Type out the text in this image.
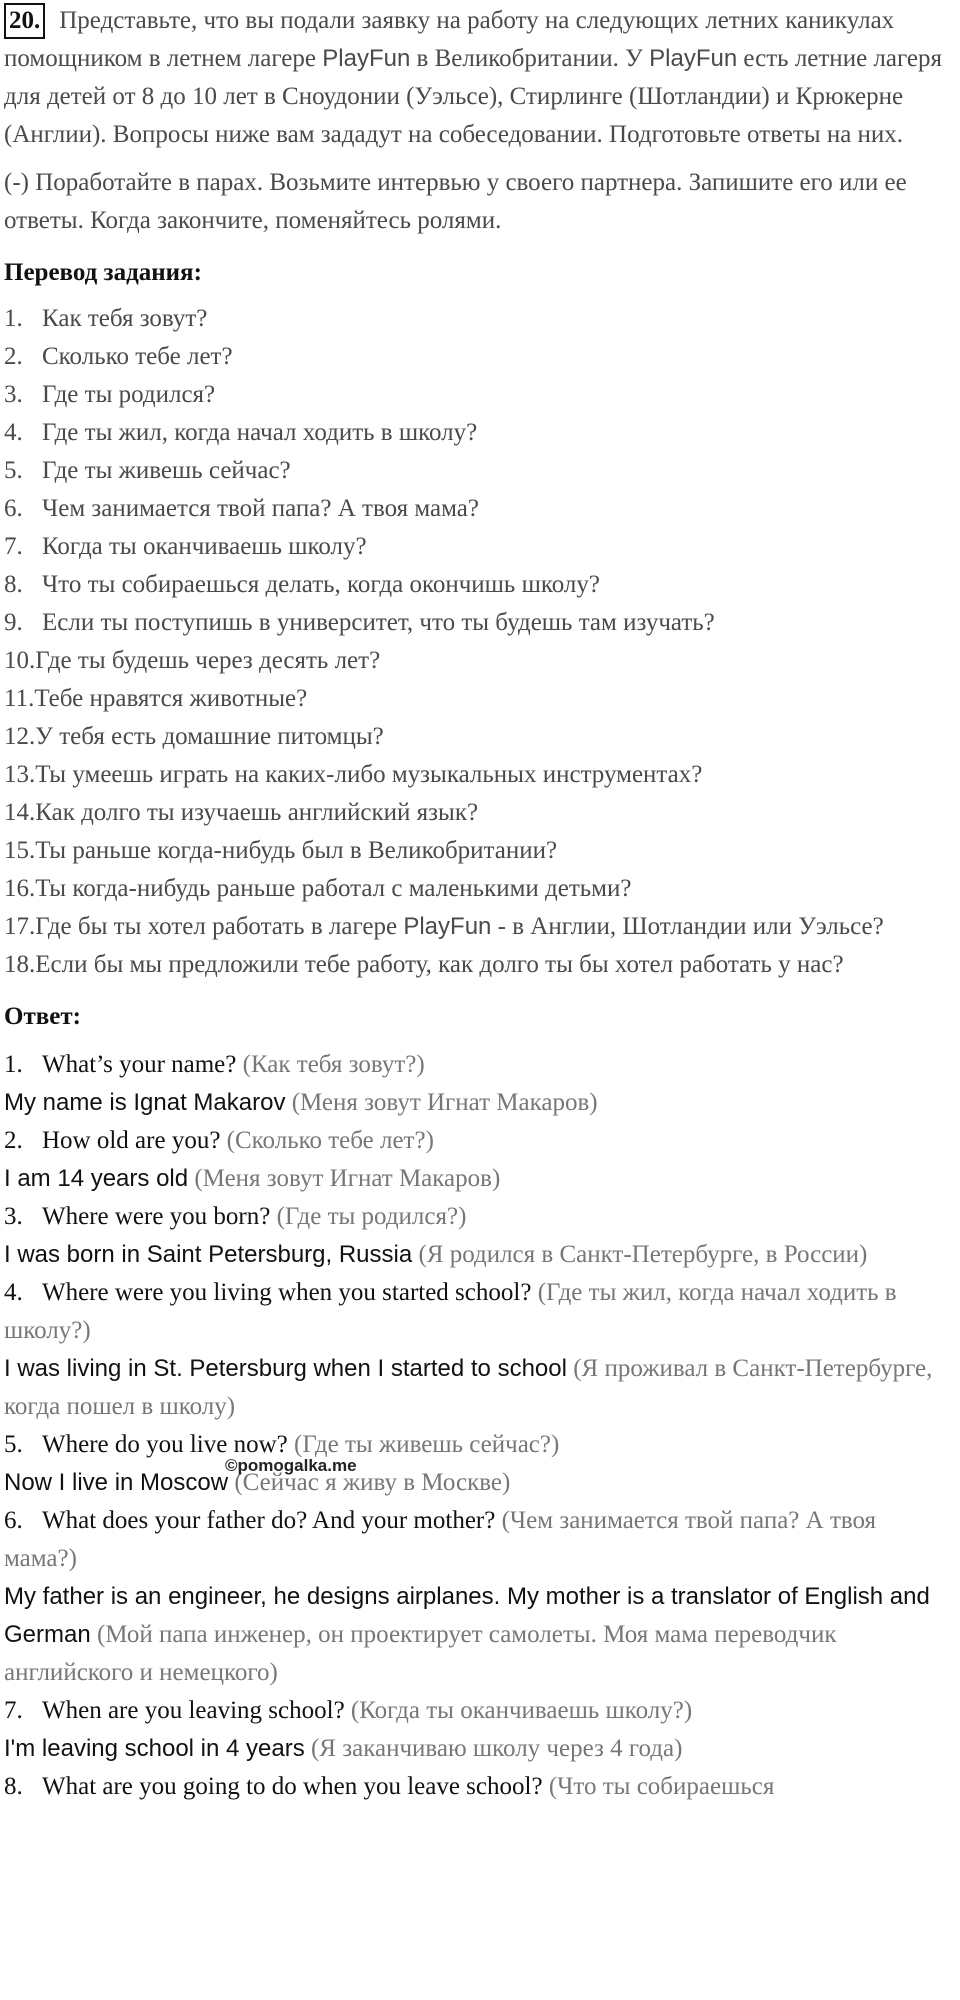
20. Представьте, что вы подали заявку на работу на следующих летних каникулах помощником в летнем лагере PlayFun в Великобритании. У PlayFun есть летние лагеря для детей от 8 до 10 лет в Сноудонии (Уэльсе), Стирлинге (Шотландии) и Крюкерне (Англии). Вопросы ниже вам зададут на собеседовании. Подготовьте ответы на них.

(-) Поработайте в парах. Возьмите интервью у своего партнера. Запишите его или ее ответы. Когда закончите, поменяйтесь ролями.

Перевод задания:
1. Как тебя зовут?
2. Сколько тебе лет?
3. Где ты родился?
4. Где ты жил, когда начал ходить в школу?
5. Где ты живешь сейчас?
6. Чем занимается твой папа? А твоя мама?
7. Когда ты оканчиваешь школу?
8. Что ты собираешься делать, когда окончишь школу?
9. Если ты поступишь в университет, что ты будешь там изучать?
10.Где ты будешь через десять лет?
11.Тебе нравятся животные?
12.У тебя есть домашние питомцы?
13.Ты умеешь играть на каких-либо музыкальных инструментах?
14.Как долго ты изучаешь английский язык?
15.Ты раньше когда-нибудь был в Великобритании?
16.Ты когда-нибудь раньше работал с маленькими детьми?
17.Где бы ты хотел работать в лагере PlayFun - в Англии, Шотландии или Уэльсе?
18.Если бы мы предложили тебе работу, как долго ты бы хотел работать у нас?
Ответ:

1. What’s your name? (Как тебя зовут?)

My name is Ignat Makarov (Меня зовут Игнат Макаров)

2. How old are you? (Сколько тебе лет?)

I am 14 years old (Меня зовут Игнат Макаров)

3. Where were you born? (Где ты родился?)

I was born in Saint Petersburg, Russia (Я родился в Санкт-Петербурге, в России)

4. Where were you living when you started school? (Где ты жил, когда начал ходить в школу?)

I was living in St. Petersburg when I started to school (Я проживал в Санкт-Петербурге, когда пошел в школу)

5. Where do you live now? (Где ты живешь сейчас?)

Now I live in Moscow (Сейчас я живу в Москве)

6. What does your father do? And your mother? (Чем занимается твой папа? А твоя мама?)

My father is an engineer, he designs airplanes. My mother is a translator of English and German (Мой папа инженер, он проектирует самолеты. Моя мама переводчик английского и немецкого)

7. When are you leaving school? (Когда ты оканчиваешь школу?)

I'm leaving school in 4 years (Я заканчиваю школу через 4 года)

8. What are you going to do when you leave school? (Что ты собираешься

©pomogalka.me
